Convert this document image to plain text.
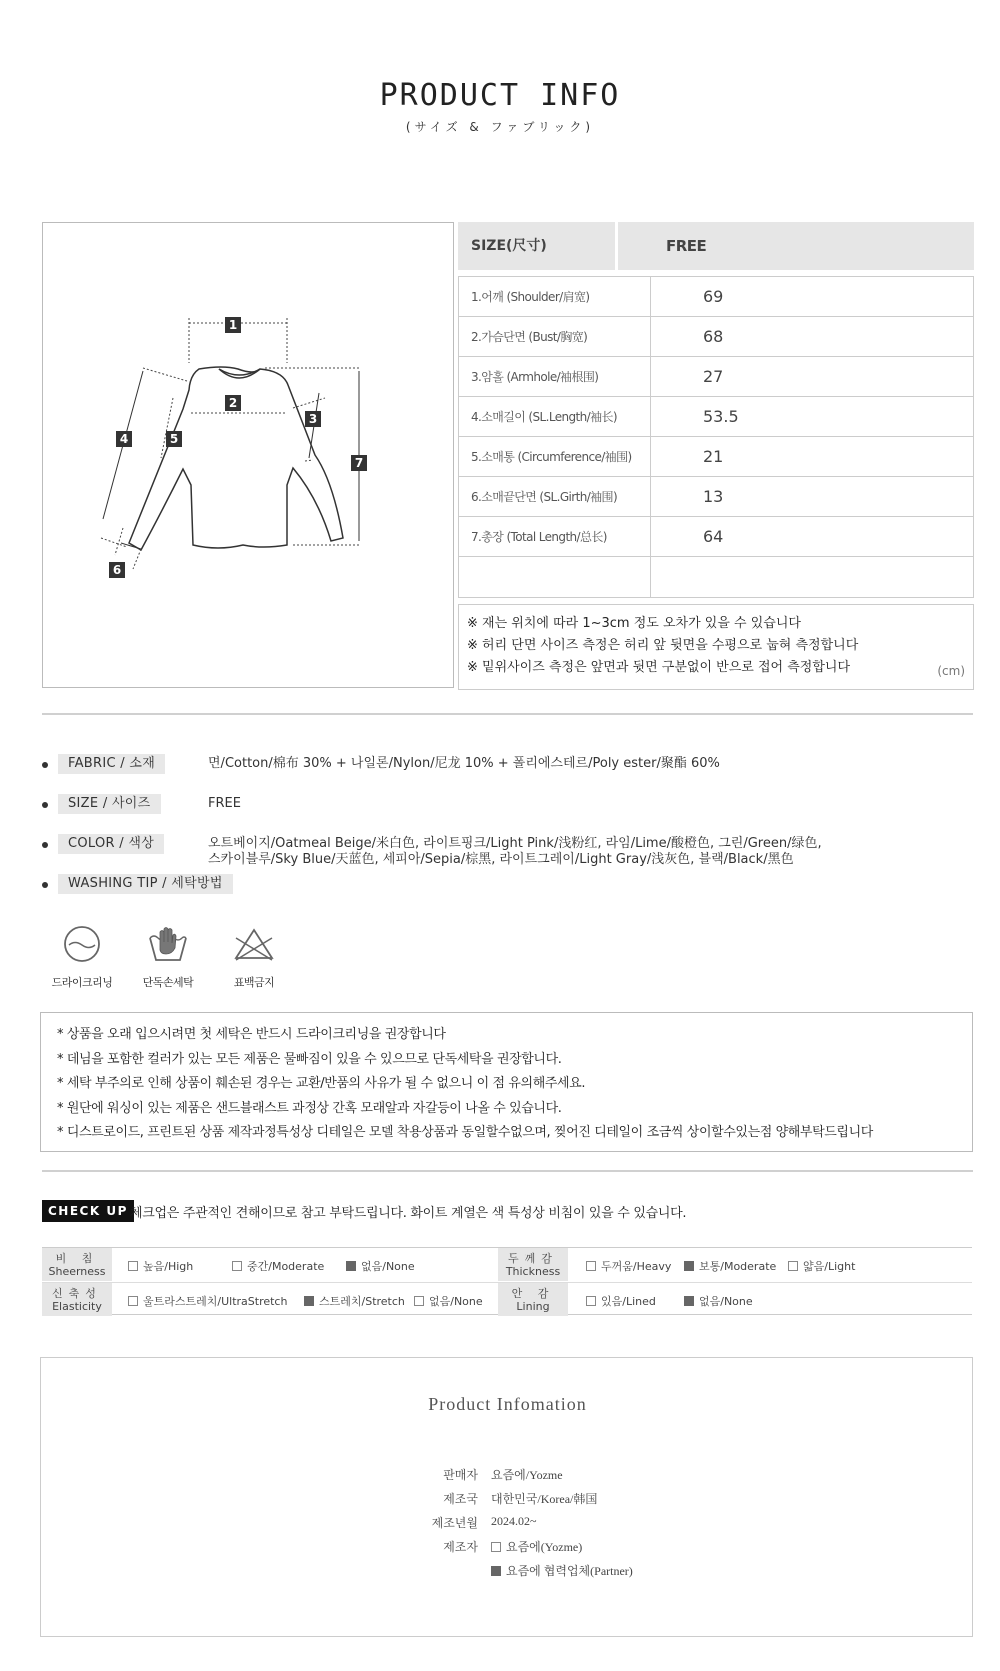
PRODUCT INFO
(サイズ & ファブリック)
1
2
3
4	5
6
7
SIZE(尺寸)	FREE
1.어깨 (Shoulder/肩宽)	69
2.가슴단면 (Bust/胸宽)	68
3.암홀 (Armhole/袖根围)	27
4.소매길이 (SL.Length/袖长)	53.5
5.소매통 (Circumference/袖围)	21
6.소매끝단면 (SL.Girth/袖围)	13
7.총장 (Total Length/总长)	64
※ 재는 위치에 따라 1~3cm 정도 오차가 있을 수 있습니다
※ 허리 단면 사이즈 측정은 허리 앞 뒷면을 수평으로 눕혀 측정합니다
※ 밑위사이즈 측정은 앞면과 뒷면 구분없이 반으로 접어 측정합니다	(cm)
FABRIC / 소재	면/Cotton/棉布 30% + 나일론/Nylon/尼龙 10% + 폴리에스테르/Poly ester/聚酯 60%
SIZE / 사이즈	FREE
COLOR / 색상	오트베이지/Oatmeal Beige/米白色, 라이트핑크/Light Pink/浅粉红, 라임/Lime/酸橙色, 그린/Green/绿色,
스카이블루/Sky Blue/天蓝色, 세피아/Sepia/棕黑, 라이트그레이/Light Gray/浅灰色, 블랙/Black/黑色
WASHING TIP / 세탁방법
드라이크리닝	단독손세탁	표백금지
* 상품을 오래 입으시려면 첫 세탁은 반드시 드라이크리닝을 권장합니다
* 데님을 포함한 컬러가 있는 모든 제품은 물빠짐이 있을 수 있으므로 단독세탁을 권장합니다.
* 세탁 부주의로 인해 상품이 훼손된 경우는 교환/반품의 사유가 될 수 없으니 이 점 유의해주세요.
* 원단에 워싱이 있는 제품은 샌드블래스트 과정상 간혹 모래알과 자갈등이 나올 수 있습니다.
* 디스트로이드, 프린트된 상품 제작과정특성상 디테일은 모델 착용상품과 동일할수없으며, 찢어진 디테일이 조금씩 상이할수있는점 양해부탁드립니다
CHECK UP 체크업은 주관적인 견해이므로 참고 부탁드립니다. 화이트 계열은 색 특성상 비침이 있을 수 있습니다.
비 침
Sheerness	높음/High	중간/Moderate	없음/None
두께감
Thickness	두꺼움/Heavy	보통/Moderate	얇음/Light
신축성
Elasticity	울트라스트레치/UltraStretch	스트레치/Stretch	없음/None
안 감
Lining	있음/Lined	없음/None
Product Infomation
판매자 요즘에/Yozme
제조국 대한민국/Korea/韩国
제조년월 2024.02~
제조자	요즘에(Yozme)
요즘에 협력업체(Partner)
